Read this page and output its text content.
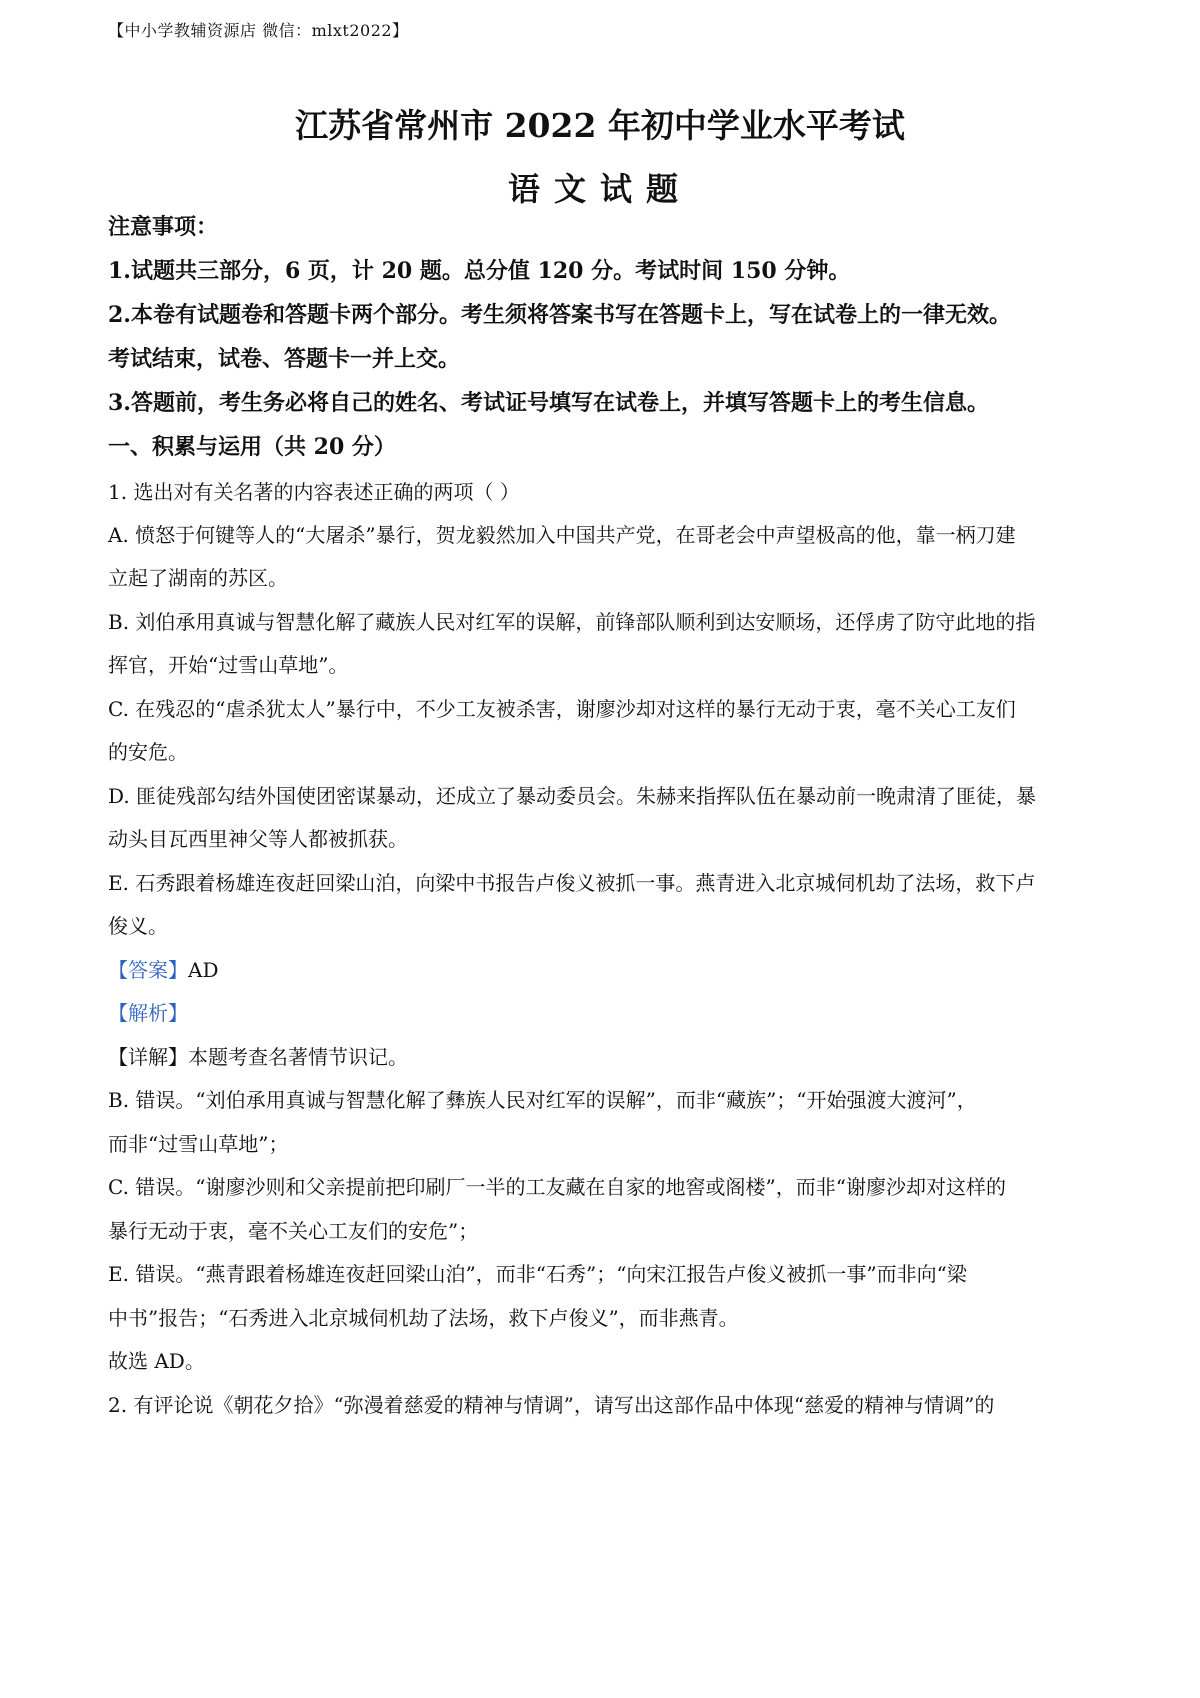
【中小学教辅资源店 微信：mlxt2022】
江苏省常州市 2022 年初中学业水平考试
语文试题
注意事项：
1.试题共三部分，6 页，计 20 题。总分值 120 分。考试时间 150 分钟。
2.本卷有试题卷和答题卡两个部分。考生须将答案书写在答题卡上，写在试卷上的一律无效。
考试结束，试卷、答题卡一并上交。
3.答题前，考生务必将自己的姓名、考试证号填写在试卷上，并填写答题卡上的考生信息。
一、积累与运用（共 20 分）
1. 选出对有关名著的内容表述正确的两项（ ）
A. 愤怒于何键等人的“大屠杀”暴行，贺龙毅然加入中国共产党，在哥老会中声望极高的他，靠一柄刀建
立起了湖南的苏区。
B. 刘伯承用真诚与智慧化解了藏族人民对红军的误解，前锋部队顺利到达安顺场，还俘虏了防守此地的指
挥官，开始“过雪山草地”。
C. 在残忍的“虐杀犹太人”暴行中，不少工友被杀害，谢廖沙却对这样的暴行无动于衷，毫不关心工友们
的安危。
D. 匪徒残部勾结外国使团密谋暴动，还成立了暴动委员会。朱赫来指挥队伍在暴动前一晚肃清了匪徒，暴
动头目瓦西里神父等人都被抓获。
E. 石秀跟着杨雄连夜赶回梁山泊，向梁中书报告卢俊义被抓一事。燕青进入北京城伺机劫了法场，救下卢
俊义。
【答案】AD
【解析】
【详解】本题考查名著情节识记。
B. 错误。“刘伯承用真诚与智慧化解了彝族人民对红军的误解”，而非“藏族”；“开始强渡大渡河”，
而非“过雪山草地”；
C. 错误。“谢廖沙则和父亲提前把印刷厂一半的工友藏在自家的地窖或阁楼”，而非“谢廖沙却对这样的
暴行无动于衷，毫不关心工友们的安危”；
E. 错误。“燕青跟着杨雄连夜赶回梁山泊”，而非“石秀”；“向宋江报告卢俊义被抓一事”而非向“梁
中书”报告；“石秀进入北京城伺机劫了法场，救下卢俊义”，而非燕青。
故选 AD。
2. 有评论说《朝花夕拾》“弥漫着慈爱的精神与情调”，请写出这部作品中体现“慈爱的精神与情调”的
